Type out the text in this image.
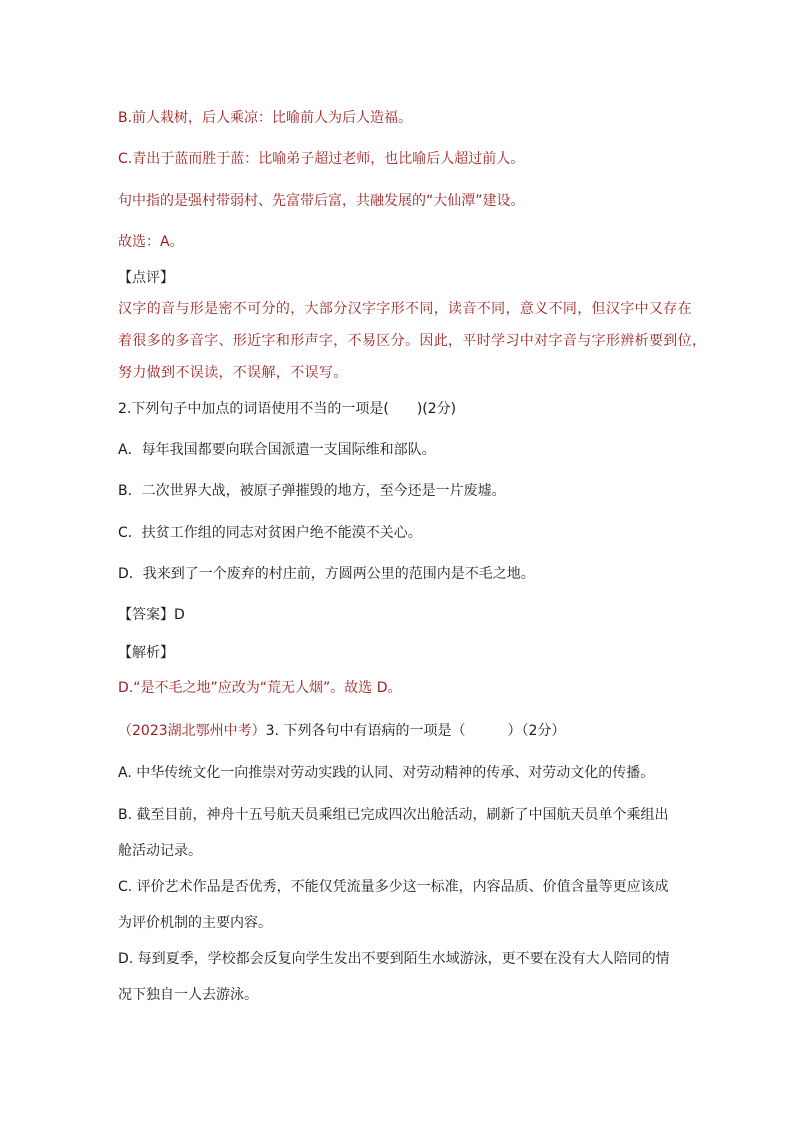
B.前人栽树，后人乘凉：比喻前人为后人造福。
C.青出于蓝而胜于蓝：比喻弟子超过老师，也比喻后人超过前人。
句中指的是强村带弱村、先富带后富，共融发展的“大仙潭”建设。
故选：A。
【点评】
汉字的音与形是密不可分的，大部分汉字字形不同，读音不同，意义不同，但汉字中又存在
着很多的多音字、形近字和形声字，不易区分。因此，平时学习中对字音与字形辨析要到位，
努力做到不误读，不误解，不误写。
2.下列句子中加点的词语使用不当的一项是(　　)(2分)
A．每年我国都要向联合国派遣一支国际维和部队。
B．二次世界大战，被原子弹摧毁的地方，至今还是一片废墟。
C．扶贫工作组的同志对贫困户绝不能漠不关心。
D．我来到了一个废弃的村庄前，方圆两公里的范围内是不毛之地。
【答案】D
【解析】
D.“是不毛之地”应改为“荒无人烟”。故选 D。
（2023湖北鄂州中考）3. 下列各句中有语病的一项是（　　　）（2分）
A. 中华传统文化一向推崇对劳动实践的认同、对劳动精神的传承、对劳动文化的传播。
B. 截至目前，神舟十五号航天员乘组已完成四次出舱活动，刷新了中国航天员单个乘组出
舱活动记录。
C. 评价艺术作品是否优秀，不能仅凭流量多少这一标准，内容品质、价值含量等更应该成
为评价机制的主要内容。
D. 每到夏季，学校都会反复向学生发出不要到陌生水域游泳，更不要在没有大人陪同的情
况下独自一人去游泳。
